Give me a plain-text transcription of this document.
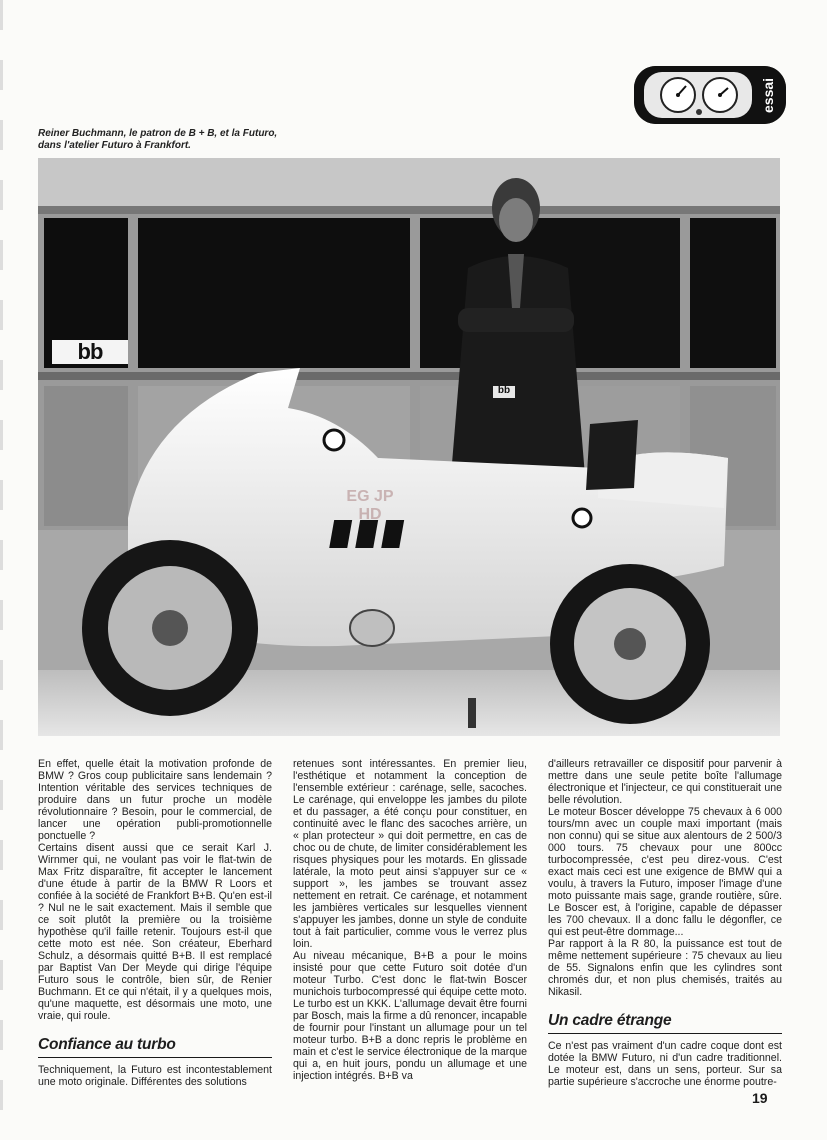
essai
Reiner Buchmann, le patron de B + B, et la Futuro,
dans l'atelier Futuro à Frankfort.
bb
bb
EG JP HD

En effet, quelle était la motivation profonde de BMW ? Gros coup publicitaire sans lendemain ? Intention véritable des services techniques de produire dans un futur proche un modèle révolutionnaire ? Besoin, pour le commercial, de lancer une opération publi-promotionnelle ponctuelle ?

Certains disent aussi que ce serait Karl J. Wirnmer qui, ne voulant pas voir le flat-twin de Max Fritz disparaître, fit accepter le lancement d'une étude à partir de la BMW R Loors et confiée à la société de Frankfort B+B. Qu'en est-il ? Nul ne le sait exactement. Mais il semble que ce soit plutôt la première ou la troisième hypothèse qu'il faille retenir. Toujours est-il que cette moto est née. Son créateur, Eberhard Schulz, a désormais quitté B+B. Il est remplacé par Baptist Van Der Meyde qui dirige l'équipe Futuro sous le contrôle, bien sûr, de Renier Buchmann. Et ce qui n'était, il y a quelques mois, qu'une maquette, est désormais une moto, une vraie, qui roule.

Confiance au turbo

Techniquement, la Futuro est incontestablement une moto originale. Différentes des solutions

retenues sont intéressantes. En premier lieu, l'esthétique et notamment la conception de l'ensemble extérieur : carénage, selle, sacoches. Le carénage, qui enveloppe les jambes du pilote et du passager, a été conçu pour constituer, en continuité avec le flanc des sacoches arrière, un « plan protecteur » qui doit permettre, en cas de choc ou de chute, de limiter considérablement les risques physiques pour les motards. En glissade latérale, la moto peut ainsi s'appuyer sur ce « support », les jambes se trouvant assez nettement en retrait. Ce carénage, et notamment les jambières verticales sur lesquelles viennent s'appuyer les jambes, donne un style de conduite tout à fait particulier, comme vous le verrez plus loin.

Au niveau mécanique, B+B a pour le moins insisté pour que cette Futuro soit dotée d'un moteur Turbo. C'est donc le flat-twin Boscer munichois turbocompressé qui équipe cette moto. Le turbo est un KKK. L'allumage devait être fourni par Bosch, mais la firme a dû renoncer, incapable de fournir pour l'instant un allumage pour un tel moteur turbo. B+B a donc repris le problème en main et c'est le service électronique de la marque qui a, en huit jours, pondu un allumage et une injection intégrés. B+B va

d'ailleurs retravailler ce dispositif pour parvenir à mettre dans une seule petite boîte l'allumage électronique et l'injecteur, ce qui constituerait une belle révolution.

Le moteur Boscer développe 75 chevaux à 6 000 tours/mn avec un couple maxi important (mais non connu) qui se situe aux alentours de 2 500/3 000 tours. 75 chevaux pour une 800cc turbocompressée, c'est peu direz-vous. C'est exact mais ceci est une exigence de BMW qui a voulu, à travers la Futuro, imposer l'image d'une moto puissante mais sage, grande routière, sûre. Le Boscer est, à l'origine, capable de dépasser les 700 chevaux. Il a donc fallu le dégonfler, ce qui est peut-être dommage...

Par rapport à la R 80, la puissance est tout de même nettement supérieure : 75 chevaux au lieu de 55. Signalons enfin que les cylindres sont chromés dur, et non plus chemisés, traités au Nikasil.

Un cadre étrange

Ce n'est pas vraiment d'un cadre coque dont est dotée la BMW Futuro, ni d'un cadre traditionnel. Le moteur est, dans un sens, porteur. Sur sa partie supérieure s'accroche une énorme poutre-

19
